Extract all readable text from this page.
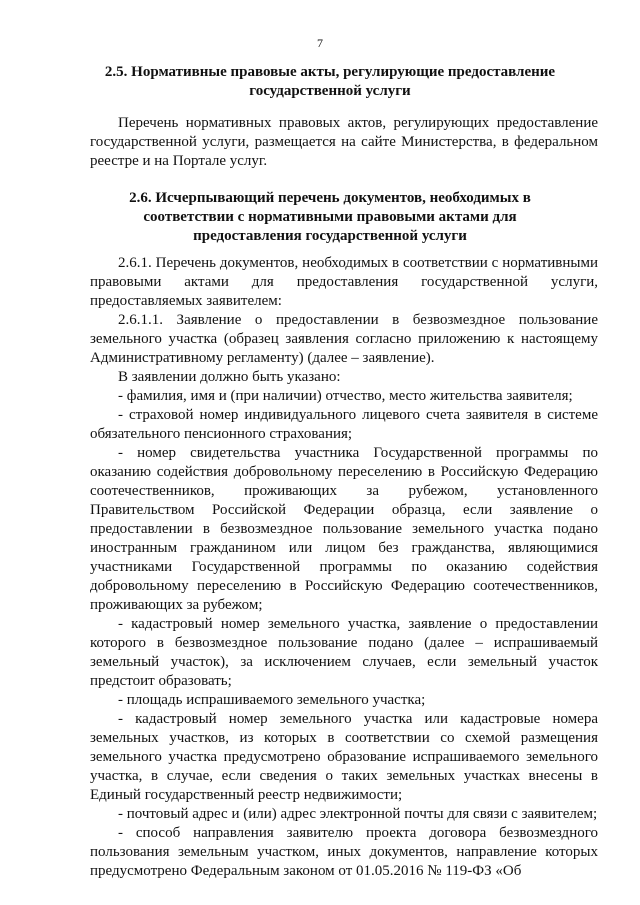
7
2.5. Нормативные правовые акты, регулирующие предоставление государственной услуги

Перечень нормативных правовых актов, регулирующих предоставление государственной услуги, размещается на сайте Министерства, в федеральном реестре и на Портале услуг.

2.6. Исчерпывающий перечень документов, необходимых в соответствии с нормативными правовыми актами для предоставления государственной услуги

2.6.1. Перечень документов, необходимых в соответствии с нормативными правовыми актами для предоставления государственной услуги, предоставляемых заявителем:

2.6.1.1. Заявление о предоставлении в безвозмездное пользование земельного участка (образец заявления согласно приложению к настоящему Административному регламенту) (далее – заявление).

В заявлении должно быть указано:

- фамилия, имя и (при наличии) отчество, место жительства заявителя;

- страховой номер индивидуального лицевого счета заявителя в системе обязательного пенсионного страхования;

- номер свидетельства участника Государственной программы по оказанию содействия добровольному переселению в Российскую Федерацию соотечественников, проживающих за рубежом, установленного Правительством Российской Федерации образца, если заявление о предоставлении в безвозмездное пользование земельного участка подано иностранным гражданином или лицом без гражданства, являющимися участниками Государственной программы по оказанию содействия добровольному переселению в Российскую Федерацию соотечественников, проживающих за рубежом;

- кадастровый номер земельного участка, заявление о предоставлении которого в безвозмездное пользование подано (далее – испрашиваемый земельный участок), за исключением случаев, если земельный участок предстоит образовать;

- площадь испрашиваемого земельного участка;

- кадастровый номер земельного участка или кадастровые номера земельных участков, из которых в соответствии со схемой размещения земельного участка предусмотрено образование испрашиваемого земельного участка, в случае, если сведения о таких земельных участках внесены в Единый государственный реестр недвижимости;

- почтовый адрес и (или) адрес электронной почты для связи с заявителем;

- способ направления заявителю проекта договора безвозмездного пользования земельным участком, иных документов, направление которых предусмотрено Федеральным законом от 01.05.2016 № 119-ФЗ «Об
